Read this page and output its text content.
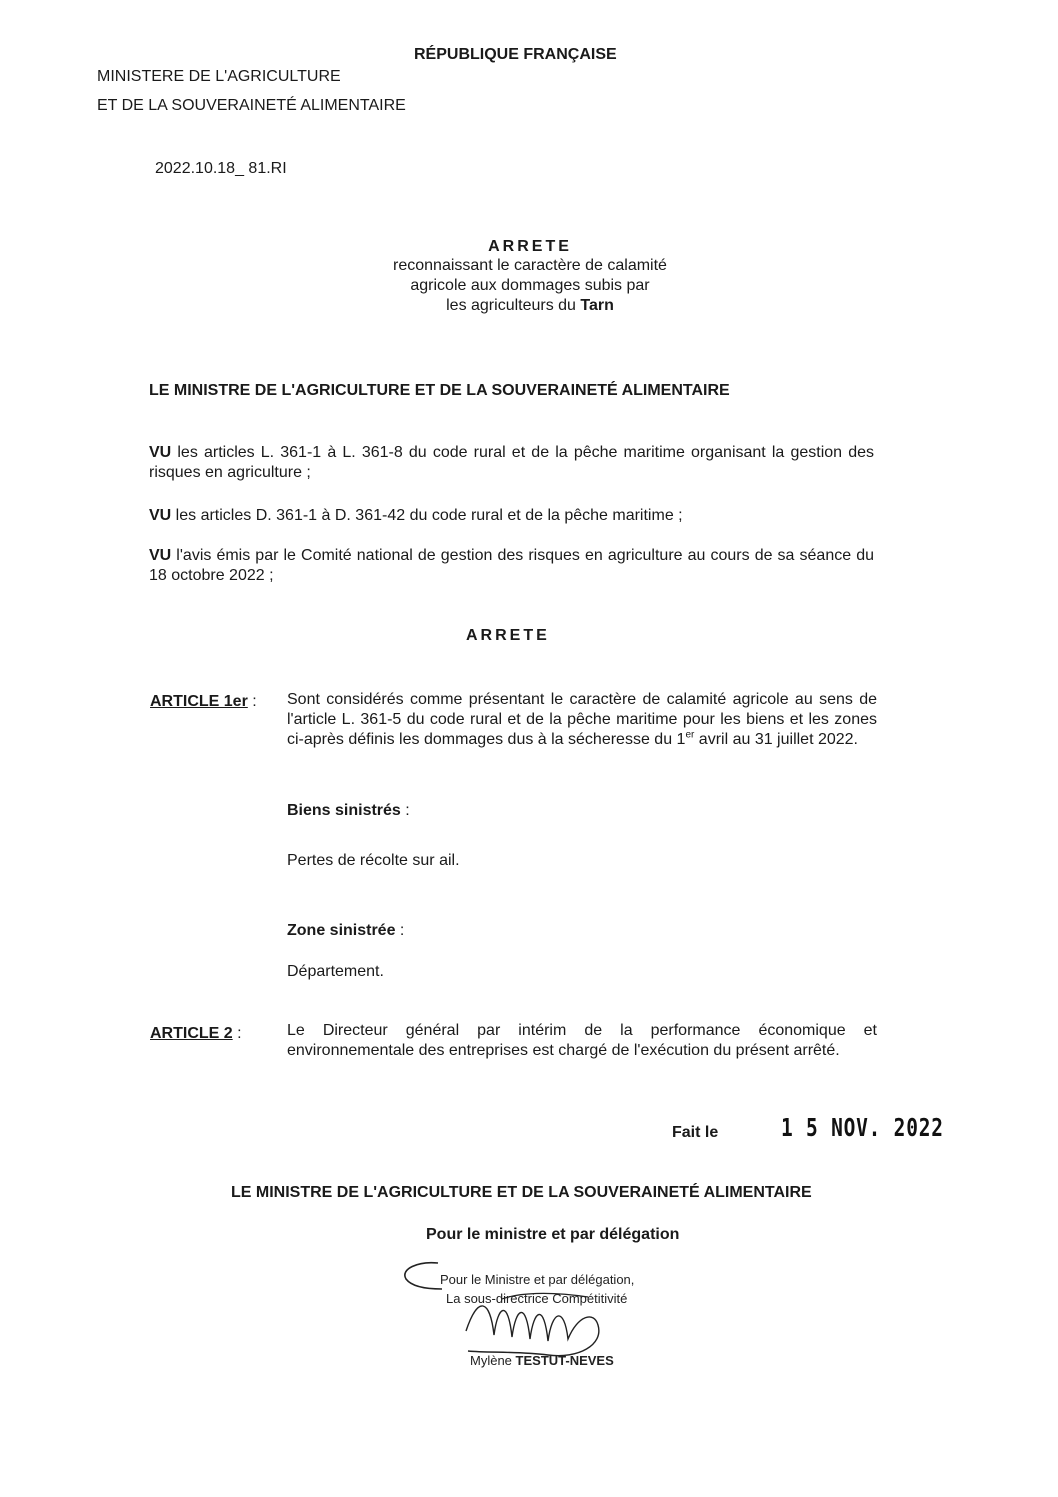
RÉPUBLIQUE FRANÇAISE
MINISTERE DE L'AGRICULTURE
ET DE LA SOUVERAINETÉ ALIMENTAIRE
2022.10.18_ 81.RI
ARRETE
reconnaissant le caractère de calamité
agricole aux dommages subis par
les agriculteurs du Tarn
LE MINISTRE DE L'AGRICULTURE ET DE LA SOUVERAINETÉ ALIMENTAIRE
VU les articles L. 361-1 à L. 361-8 du code rural et de la pêche maritime organisant la gestion des risques en agriculture ;
VU les articles D. 361-1 à D. 361-42 du code rural et de la pêche maritime ;
VU l'avis émis par le Comité national de gestion des risques en agriculture au cours de sa séance du 18 octobre 2022 ;
ARRETE
ARTICLE 1er : Sont considérés comme présentant le caractère de calamité agricole au sens de l'article L. 361-5 du code rural et de la pêche maritime pour les biens et les zones ci-après définis les dommages dus à la sécheresse du 1er avril au 31 juillet 2022.
Biens sinistrés :
Pertes de récolte sur ail.
Zone sinistrée :
Département.
ARTICLE 2 :	Le Directeur général par intérim de la performance économique et environnementale des entreprises est chargé de l'exécution du présent arrêté.
Fait le	1 5 NOV. 2022
LE MINISTRE DE L'AGRICULTURE ET DE LA SOUVERAINETÉ ALIMENTAIRE
Pour le ministre et par délégation
Pour le Ministre et par délégation,
La sous-directrice Compétitivité
Mylène TESTUT-NEVES
